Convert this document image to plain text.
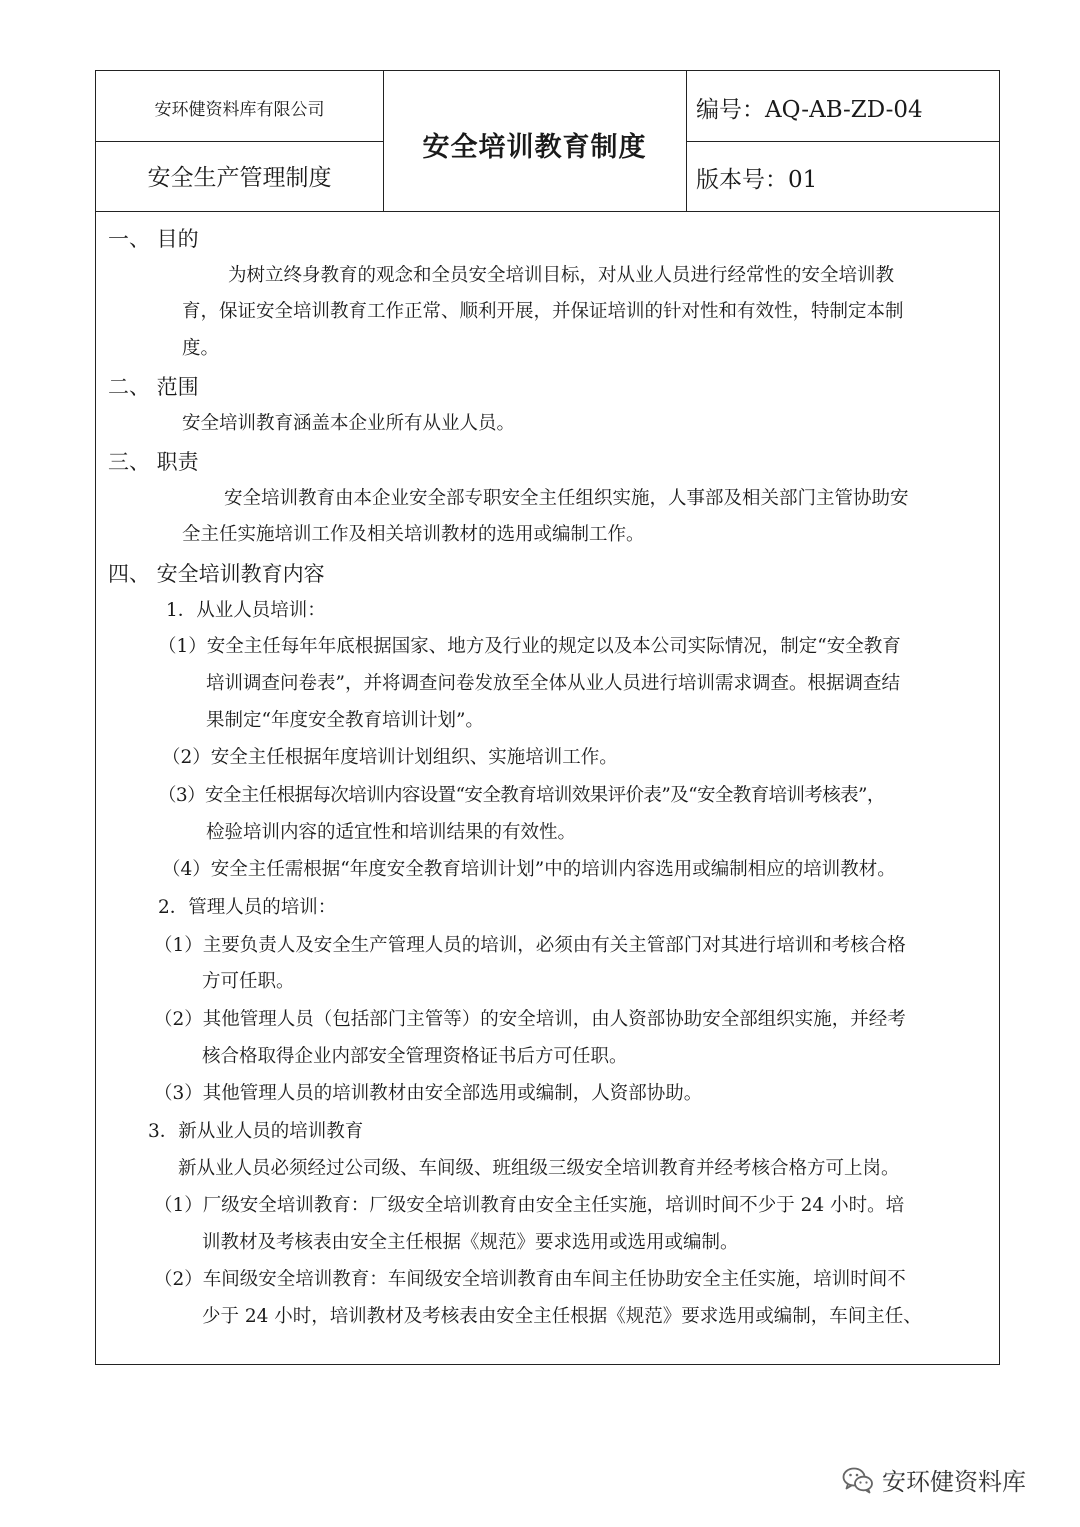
安环健资料库有限公司
安全生产管理制度
安全培训教育制度
编号：AQ-AB-ZD-04
版本号：01
一、 目的
为树立终身教育的观念和全员安全培训目标，对从业人员进行经常性的安全培训教
育，保证安全培训教育工作正常、顺利开展，并保证培训的针对性和有效性，特制定本制
度。
二、 范围
安全培训教育涵盖本企业所有从业人员。
三、 职责
安全培训教育由本企业安全部专职安全主任组织实施，人事部及相关部门主管协助安
全主任实施培训工作及相关培训教材的选用或编制工作。
四、 安全培训教育内容
1．从业人员培训：
（1）安全主任每年年底根据国家、地方及行业的规定以及本公司实际情况，制定“安全教育
培训调查问卷表”，并将调查问卷发放至全体从业人员进行培训需求调查。根据调查结
果制定“年度安全教育培训计划”。
（2）安全主任根据年度培训计划组织、实施培训工作。
（3）安全主任根据每次培训内容设置“安全教育培训效果评价表”及“安全教育培训考核表”，
检验培训内容的适宜性和培训结果的有效性。
（4）安全主任需根据“年度安全教育培训计划”中的培训内容选用或编制相应的培训教材。
2．管理人员的培训：
（1）主要负责人及安全生产管理人员的培训，必须由有关主管部门对其进行培训和考核合格
方可任职。
（2）其他管理人员（包括部门主管等）的安全培训，由人资部协助安全部组织实施，并经考
核合格取得企业内部安全管理资格证书后方可任职。
（3）其他管理人员的培训教材由安全部选用或编制，人资部协助。
3．新从业人员的培训教育
新从业人员必须经过公司级、车间级、班组级三级安全培训教育并经考核合格方可上岗。
（1）厂级安全培训教育：厂级安全培训教育由安全主任实施，培训时间不少于 24 小时。培
训教材及考核表由安全主任根据《规范》要求选用或选用或编制。
（2）车间级安全培训教育：车间级安全培训教育由车间主任协助安全主任实施，培训时间不
少于 24 小时，培训教材及考核表由安全主任根据《规范》要求选用或编制，车间主任、
安环健资料库
